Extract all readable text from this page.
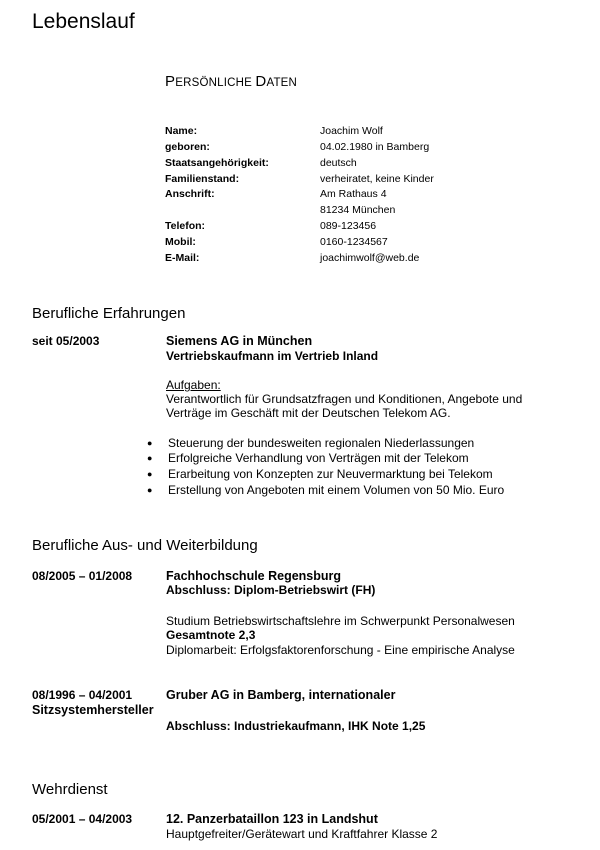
Lebenslauf
PERSÖNLICHE DATEN
Name:	Joachim Wolf
geboren:	04.02.1980 in Bamberg
Staatsangehörigkeit:	deutsch
Familienstand:	verheiratet, keine Kinder
Anschrift:	Am Rathaus 4
81234 München
Telefon:	089-123456
Mobil:	0160-1234567
E-Mail:	joachimwolf@web.de
Berufliche Erfahrungen
seit 05/2003	Siemens AG in München
Vertriebskaufmann im Vertrieb Inland
Aufgaben:
Verantwortlich für Grundsatzfragen und Konditionen, Angebote und
Verträge im Geschäft mit der Deutschen Telekom AG.
● Steuerung der bundesweiten regionalen Niederlassungen
● Erfolgreiche Verhandlung von Verträgen mit der Telekom
● Erarbeitung von Konzepten zur Neuvermarktung bei Telekom
● Erstellung von Angeboten mit einem Volumen von 50 Mio. Euro
Berufliche Aus- und Weiterbildung
08/2005 – 01/2008	Fachhochschule Regensburg
Abschluss: Diplom-Betriebswirt (FH)
Studium Betriebswirtschaftslehre im Schwerpunkt Personalwesen
Gesamtnote 2,3
Diplomarbeit: Erfolgsfaktorenforschung - Eine empirische Analyse
08/1996 – 04/2001	Gruber AG in Bamberg, internationaler
Sitzsystemhersteller
Abschluss: Industriekaufmann, IHK Note 1,25
Wehrdienst
05/2001 – 04/2003	12. Panzerbataillon 123 in Landshut
Hauptgefreiter/Gerätewart und Kraftfahrer Klasse 2
